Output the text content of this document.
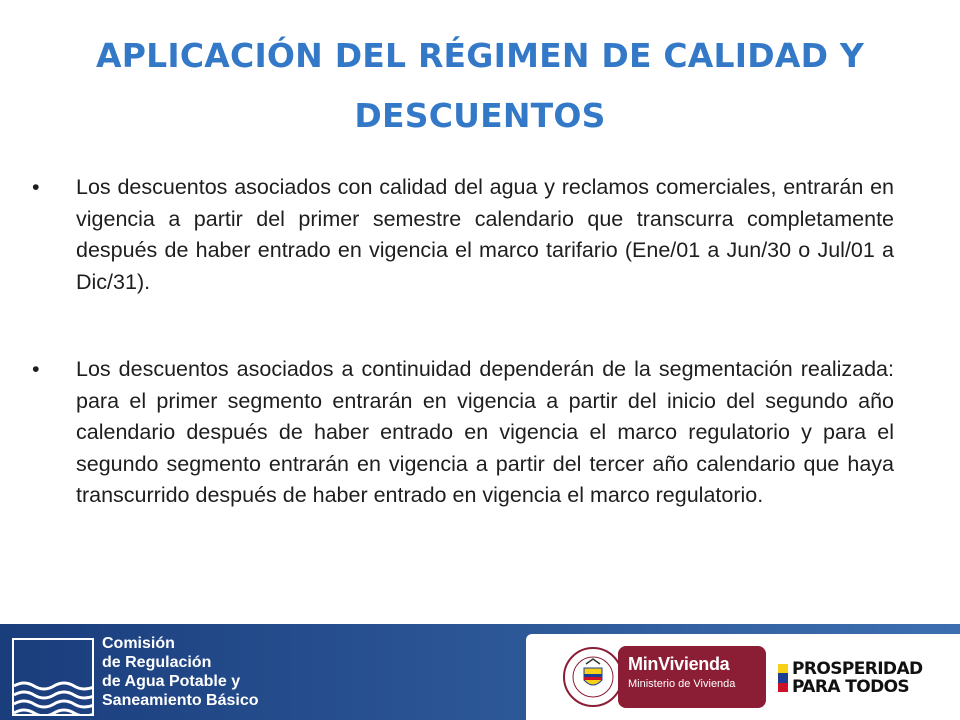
APLICACIÓN DEL RÉGIMEN DE CALIDAD Y
DESCUENTOS
•	Los descuentos asociados con calidad del agua y reclamos comerciales, entrarán en vigencia a partir del primer semestre calendario que transcurra completamente después de haber entrado en vigencia el marco tarifario (Ene/01 a Jun/30 o Jul/01 a Dic/31).
•	Los descuentos asociados a continuidad dependerán de la segmentación realizada: para el primer segmento entrarán en vigencia a partir del inicio del segundo año calendario después de haber entrado en vigencia el marco regulatorio y para el segundo segmento entrarán en vigencia a partir del tercer año calendario que haya transcurrido después de haber entrado en vigencia el marco regulatorio.
Comisión
de Regulación
de Agua Potable y
Saneamiento Básico
MinVivienda
Ministerio de Vivienda
PROSPERIDAD
PARA TODOS
